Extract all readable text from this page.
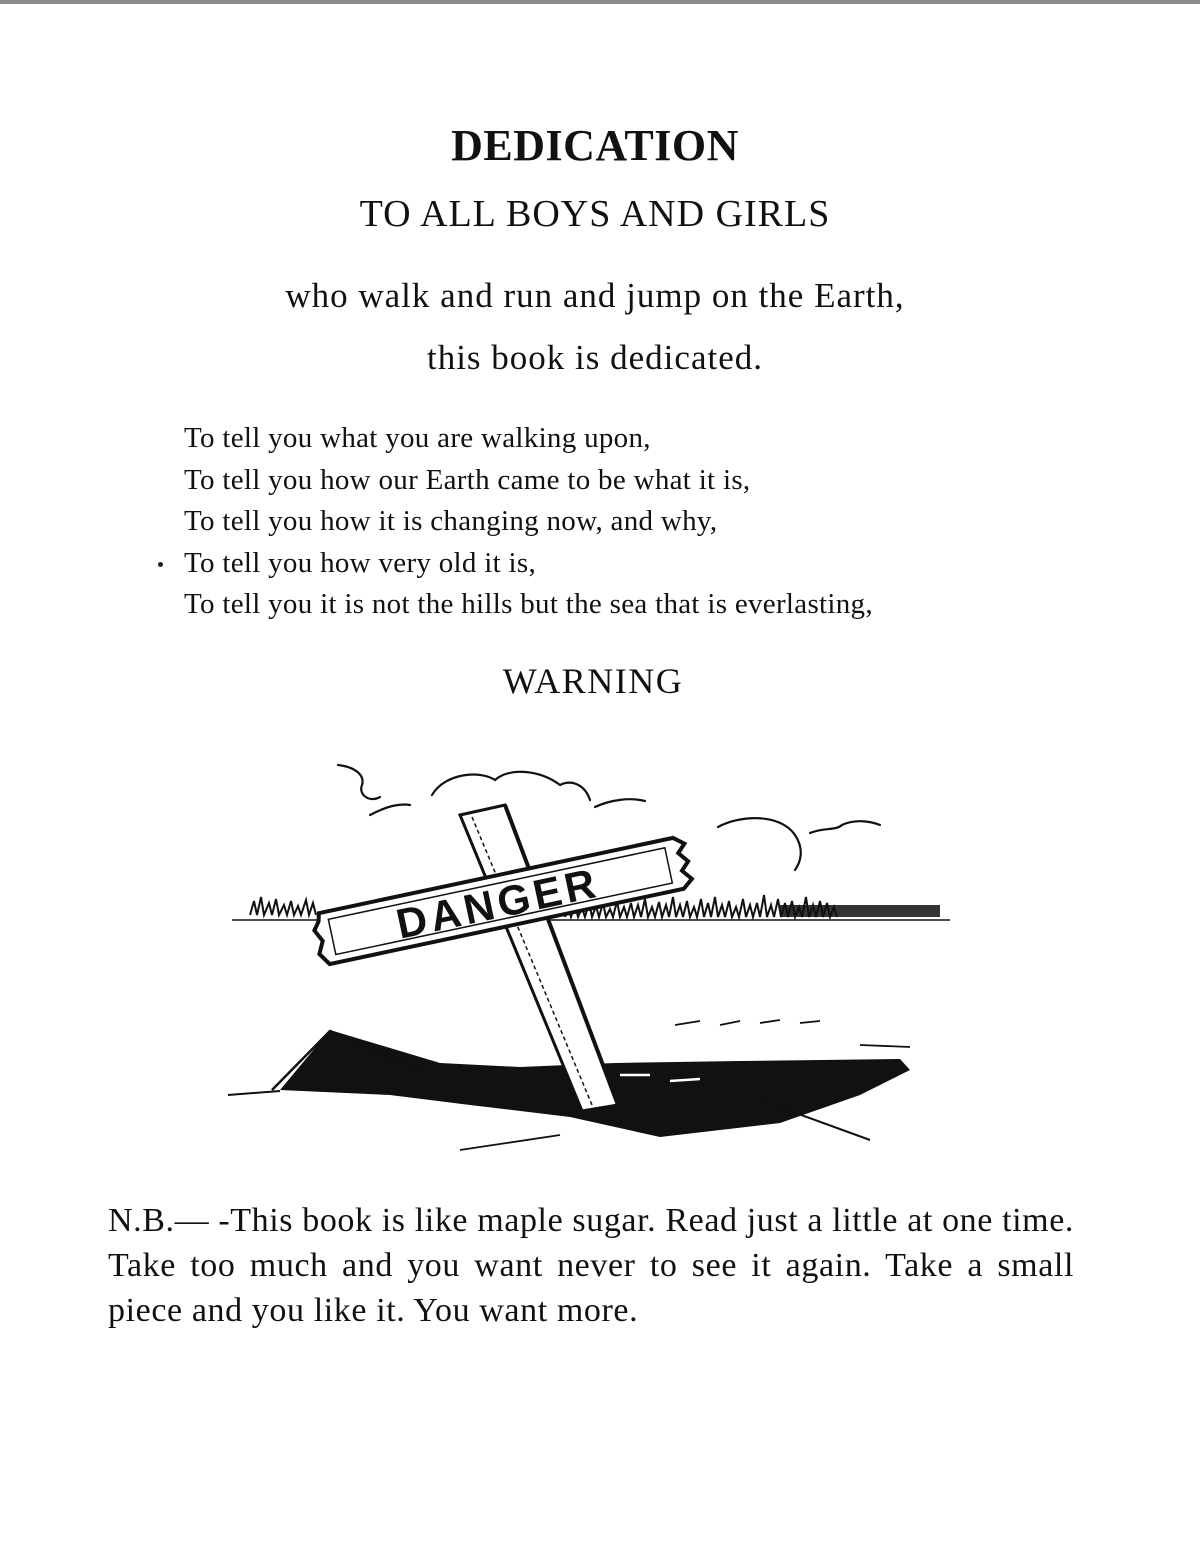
DEDICATION
TO ALL BOYS AND GIRLS
who walk and run and jump on the Earth,
this book is dedicated.
To tell you what you are walking upon,
To tell you how our Earth came to be what it is,
To tell you how it is changing now, and why,
To tell you how very old it is,
To tell you it is not the hills but the sea that is everlasting,
WARNING
DANGER
N.B.— -This book is like maple sugar. Read just a little at one time. Take too much and you want never to see it again. Take a small piece and you like it. You want more.
